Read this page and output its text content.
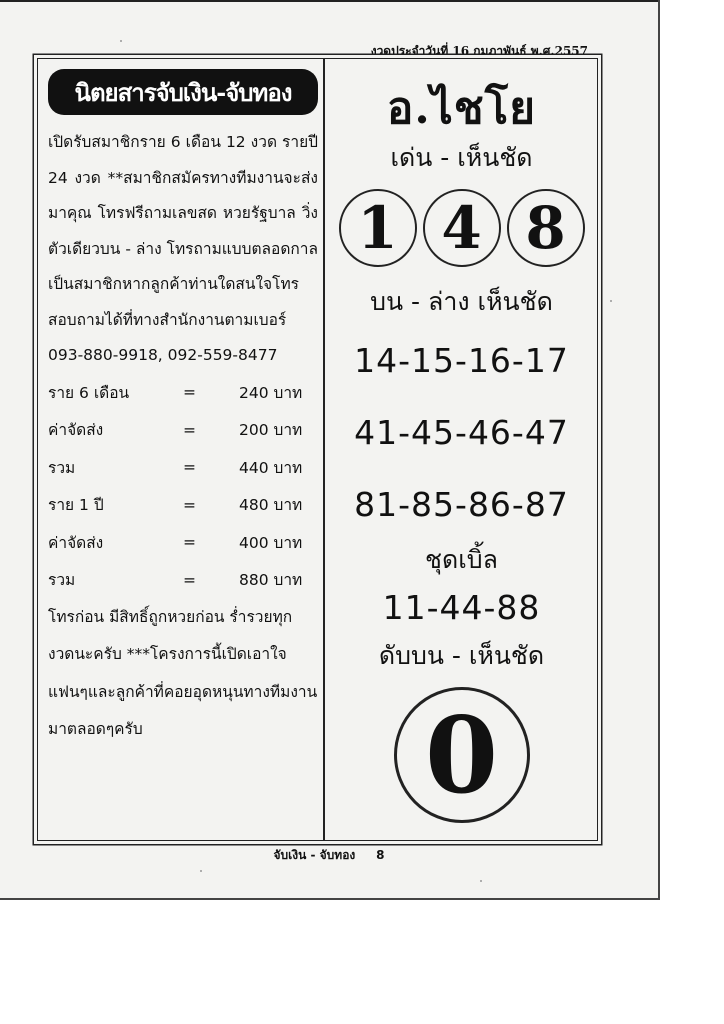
งวดประจำวันที่ 16 กุมภาพันธ์ พ.ศ.2557
นิตยสารจับเงิน-จับทอง
เปิดรับสมาชิกราย 6 เดือน 12 งวด รายปี 24 งวด **สมาชิกสมัครทางทีมงานจะส่งมาคุณ โทรฟรีถามเลขสด หวยรัฐบาล วิ่งตัวเดียวบน - ล่าง โทรถามแบบตลอดกาลเป็นสมาชิกหากลูกค้าท่านใดสนใจโทรสอบถามได้ที่ทางสำนักงานตามเบอร์ 093-880-9918, 092-559-8477
ราย 6 เดือน	=	240 บาท
ค่าจัดส่ง	=	200 บาท
รวม	=	440 บาท
ราย 1 ปี	=	480 บาท
ค่าจัดส่ง	=	400 บาท
รวม	=	880 บาท
โทรก่อน มีสิทธิ์ถูกหวยก่อน ร่ำรวยทุกงวดนะครับ ***โครงการนี้เปิดเอาใจแฟนๆและลูกค้าที่คอยอุดหนุนทางทีมงานมาตลอดๆครับ
อ.ไชโย
เด่น - เห็นชัด
1 4 8
บน - ล่าง เห็นชัด
14-15-16-17
41-45-46-47
81-85-86-87
ชุดเบิ้ล
11-44-88
ดับบน - เห็นชัด
0
จับเงิน - จับทอง 8
